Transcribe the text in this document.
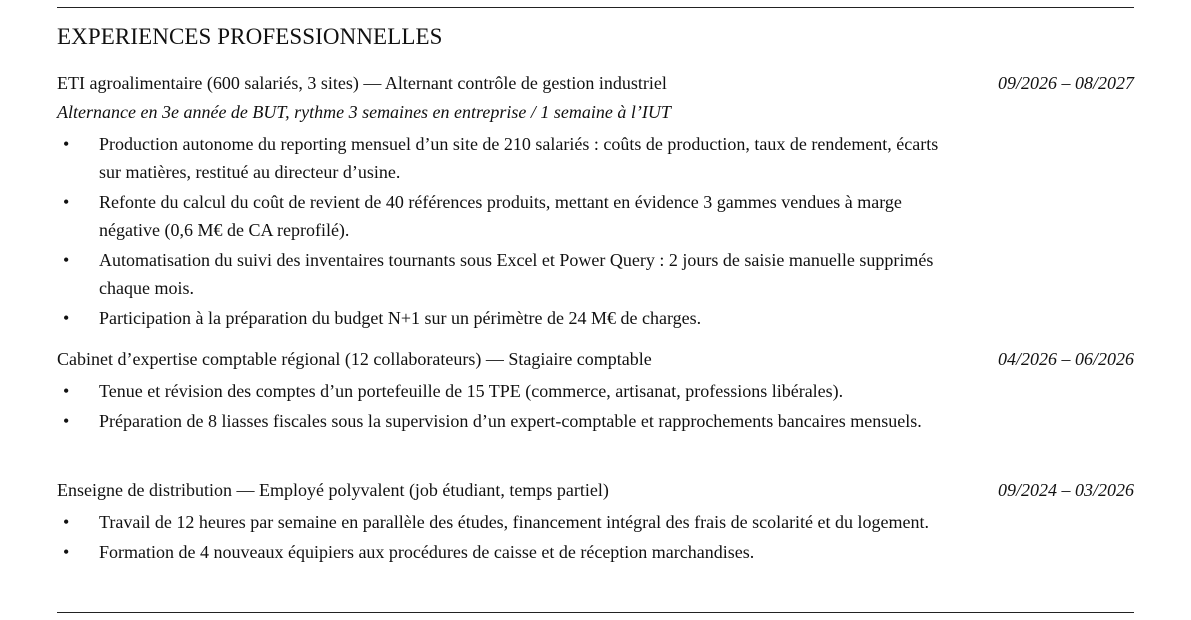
EXPERIENCES PROFESSIONNELLES
ETI agroalimentaire (600 salariés, 3 sites) — Alternant contrôle de gestion industriel	09/2026 – 08/2027
Alternance en 3e année de BUT, rythme 3 semaines en entreprise / 1 semaine à l’IUT
• Production autonome du reporting mensuel d’un site de 210 salariés : coûts de production, taux de rendement, écarts sur matières, restitué au directeur d’usine.
• Refonte du calcul du coût de revient de 40 références produits, mettant en évidence 3 gammes vendues à marge négative (0,6 M€ de CA reprofilé).
• Automatisation du suivi des inventaires tournants sous Excel et Power Query : 2 jours de saisie manuelle supprimés chaque mois.
• Participation à la préparation du budget N+1 sur un périmètre de 24 M€ de charges.
Cabinet d’expertise comptable régional (12 collaborateurs) — Stagiaire comptable	04/2026 – 06/2026
• Tenue et révision des comptes d’un portefeuille de 15 TPE (commerce, artisanat, professions libérales).
• Préparation de 8 liasses fiscales sous la supervision d’un expert-comptable et rapprochements bancaires mensuels.
Enseigne de distribution — Employé polyvalent (job étudiant, temps partiel)	09/2024 – 03/2026
• Travail de 12 heures par semaine en parallèle des études, financement intégral des frais de scolarité et du logement.
• Formation de 4 nouveaux équipiers aux procédures de caisse et de réception marchandises.
